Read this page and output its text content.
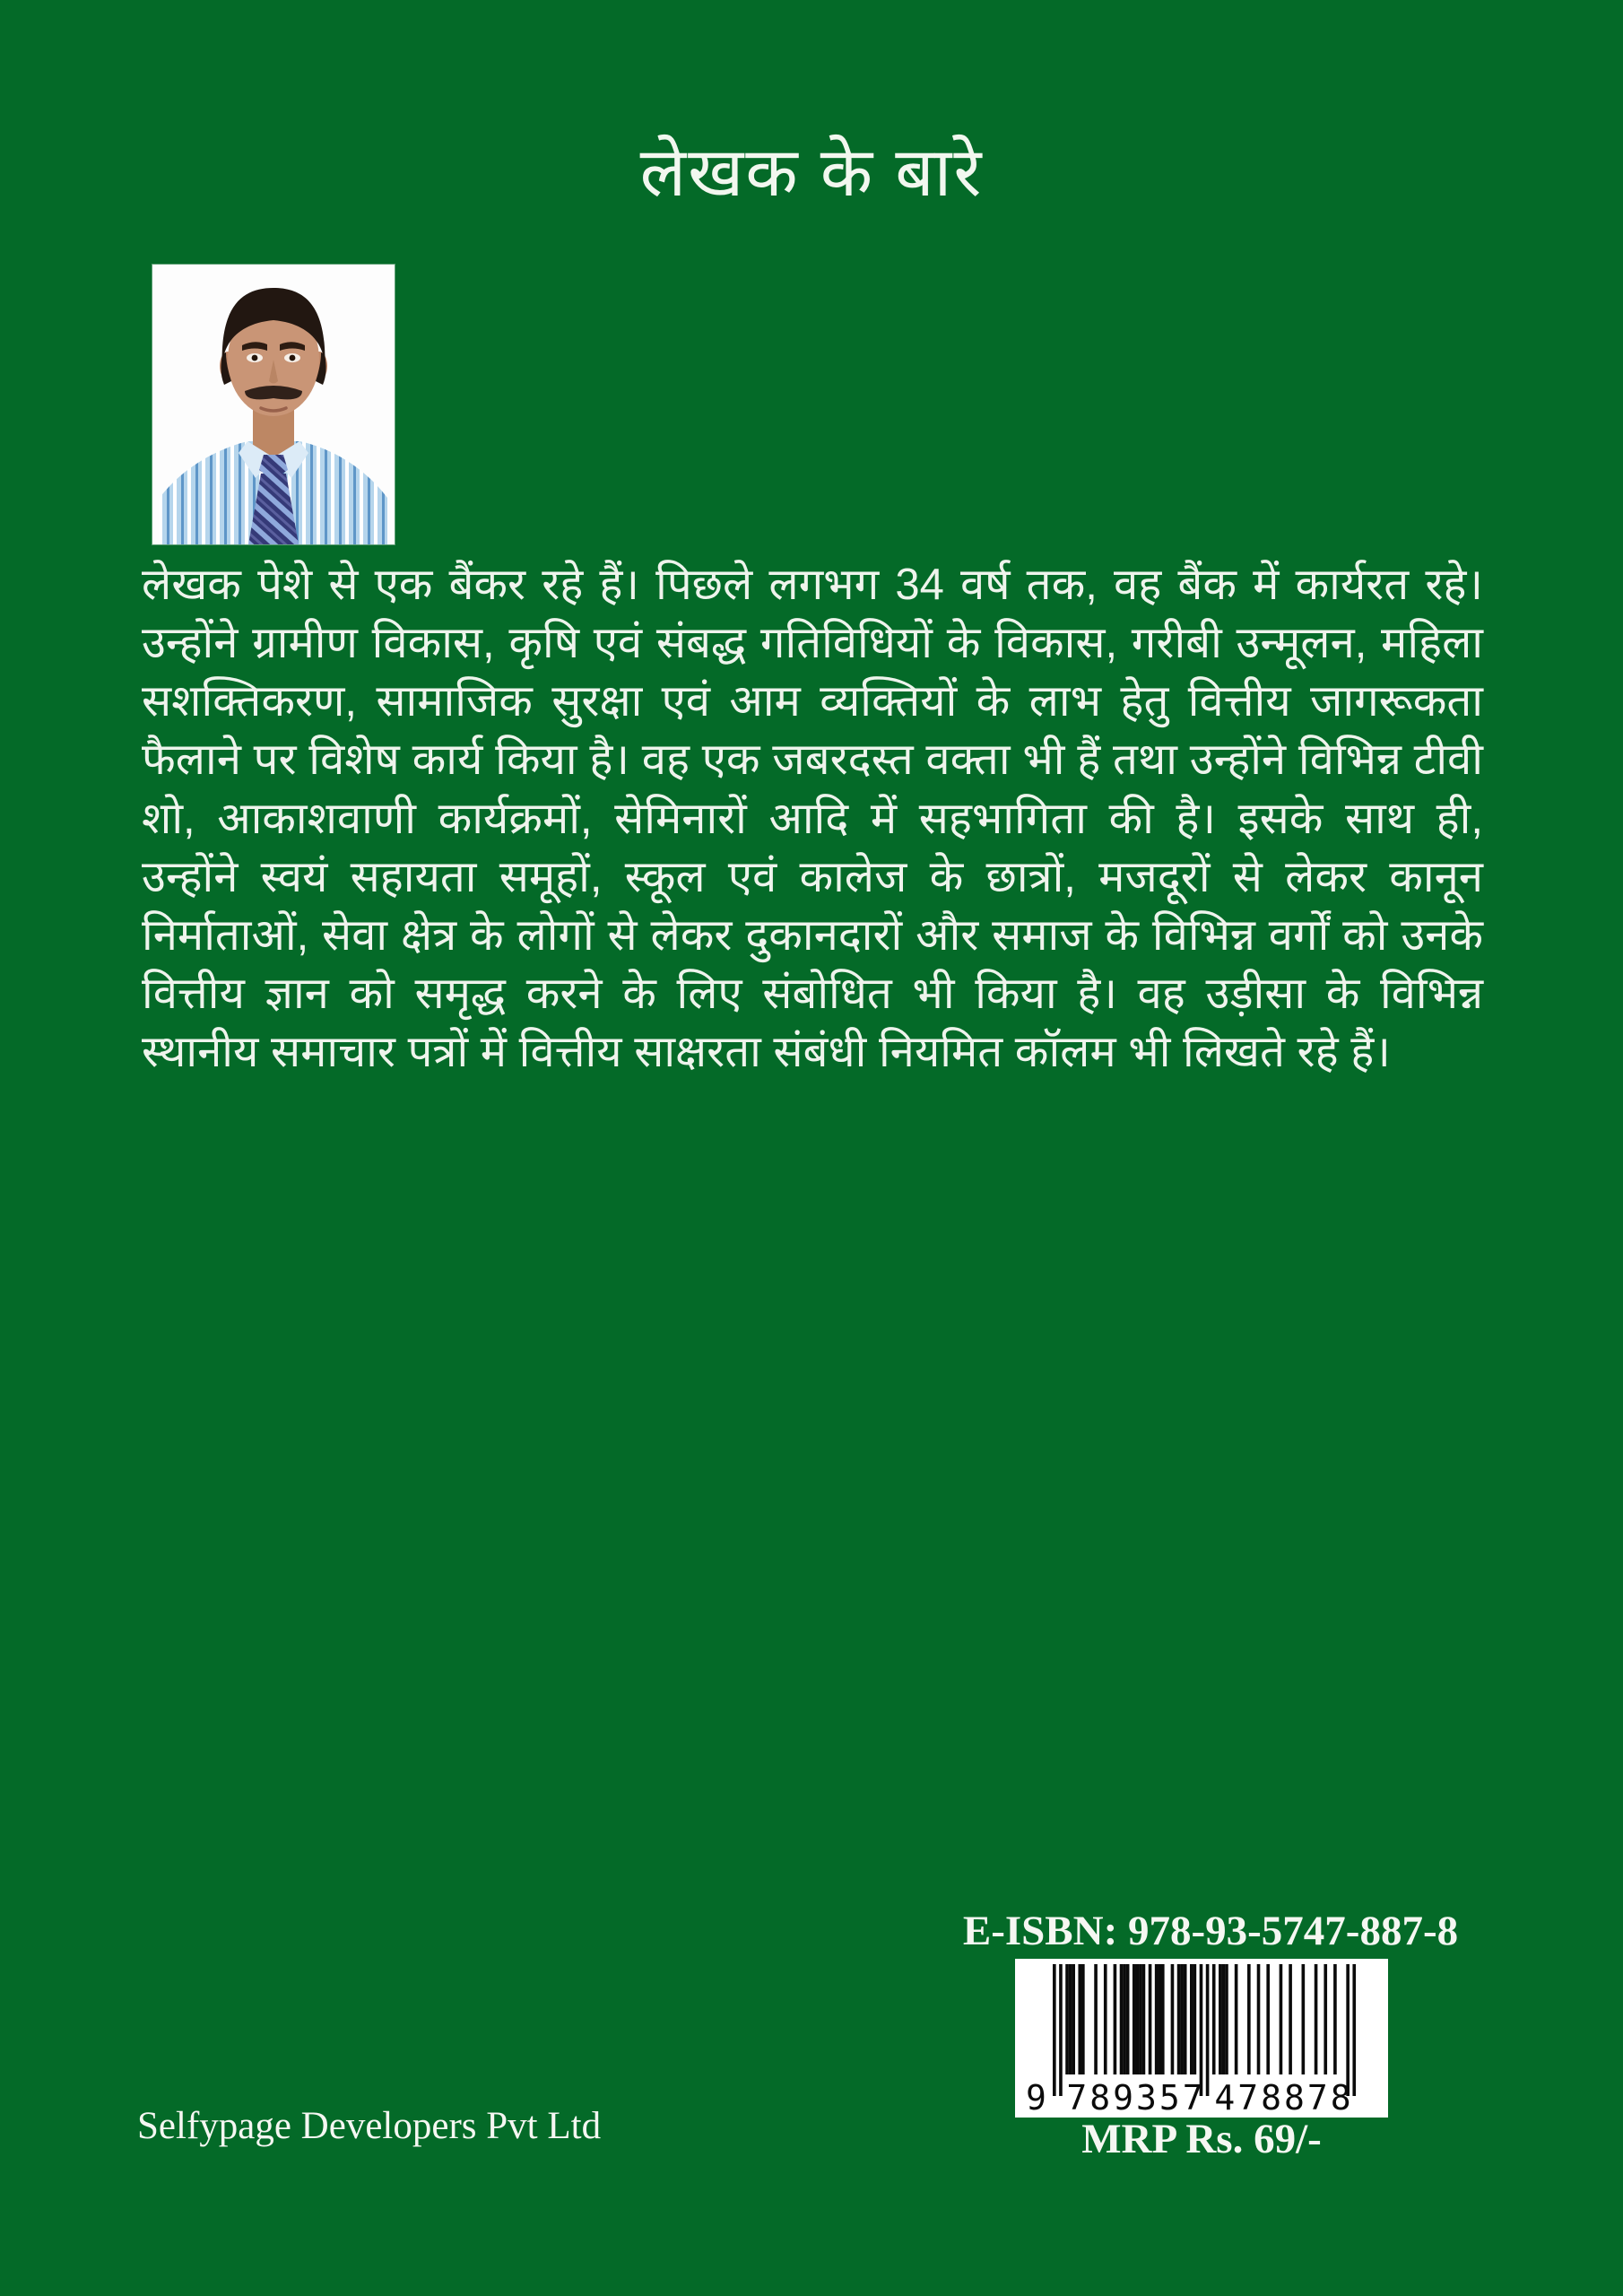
लेखक के बारे
लेखक पेशे से एक बैंकर रहे हैं। पिछले लगभग 34 वर्ष तक, वह बैंक में कार्यरत रहे। उन्होंने ग्रामीण विकास, कृषि एवं संबद्ध गतिविधियों के विकास, गरीबी उन्मूलन, महिला सशक्तिकरण, सामाजिक सुरक्षा एवं आम व्यक्तियों के लाभ हेतु वित्तीय जागरूकता फैलाने पर विशेष कार्य किया है। वह एक जबरदस्त वक्ता भी हैं तथा उन्होंने विभिन्न टीवी शो, आकाशवाणी कार्यक्रमों, सेमिनारों आदि में सहभागिता की है। इसके साथ ही, उन्होंने स्वयं सहायता समूहों, स्कूल एवं कालेज के छात्रों, मजदूरों से लेकर कानून निर्माताओं, सेवा क्षेत्र के लोगों से लेकर दुकानदारों और समाज के विभिन्न वर्गों को उनके वित्तीय ज्ञान को समृद्ध करने के लिए संबोधित भी किया है। वह उड़ीसा के विभिन्न स्थानीय समाचार पत्रों में वित्तीय साक्षरता संबंधी नियमित कॉलम भी लिखते रहे हैं।
E-ISBN: 978-93-5747-887-8
9 789357 478878
MRP Rs. 69/-
Selfypage Developers Pvt Ltd
